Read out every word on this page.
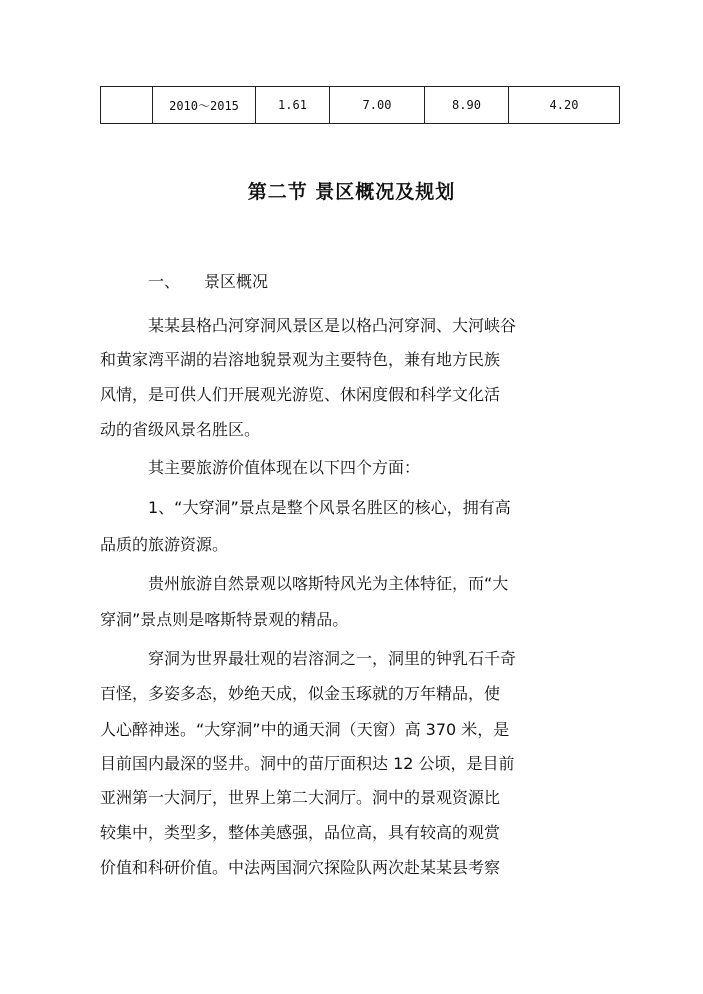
	2010～2015	1.61	7.00	8.90	4.20
第二节 景区概况及规划
一、 景区概况
某某县格凸河穿洞风景区是以格凸河穿洞、大河峡谷
和黄家湾平湖的岩溶地貌景观为主要特色，兼有地方民族
风情，是可供人们开展观光游览、休闲度假和科学文化活
动的省级风景名胜区。
其主要旅游价值体现在以下四个方面：
1、“大穿洞”景点是整个风景名胜区的核心，拥有高
品质的旅游资源。
贵州旅游自然景观以喀斯特风光为主体特征，而“大
穿洞”景点则是喀斯特景观的精品。
穿洞为世界最壮观的岩溶洞之一，洞里的钟乳石千奇
百怪，多姿多态，妙绝天成，似金玉琢就的万年精品，使
人心醉神迷。“大穿洞”中的通天洞（天窗）高 370 米，是
目前国内最深的竖井。洞中的苗厅面积达 12 公顷，是目前
亚洲第一大洞厅，世界上第二大洞厅。洞中的景观资源比
较集中，类型多，整体美感强，品位高，具有较高的观赏
价值和科研价值。中法两国洞穴探险队两次赴某某县考察
